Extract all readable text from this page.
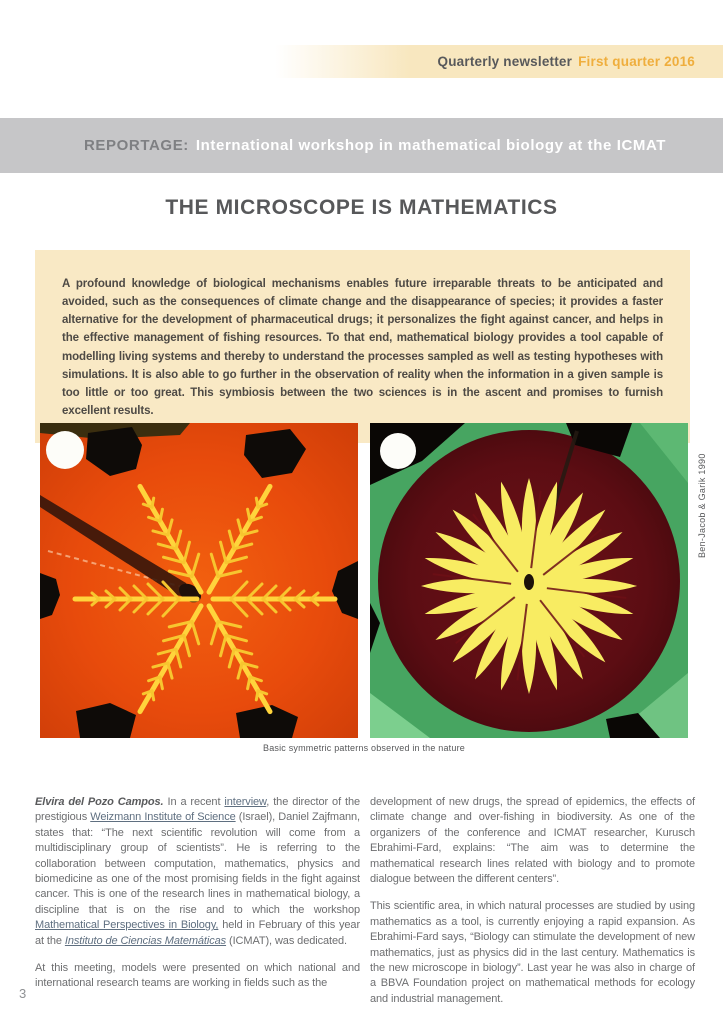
Quarterly newsletter First quarter 2016
REPORTAGE: International workshop in mathematical biology at the ICMAT
THE MICROSCOPE IS MATHEMATICS
A profound knowledge of biological mechanisms enables future irreparable threats to be anticipated and avoided, such as the consequences of climate change and the disappearance of species; it provides a faster alternative for the development of pharmaceutical drugs; it personalizes the fight against cancer, and helps in the effective management of fishing resources. To that end, mathematical biology provides a tool capable of modelling living systems and thereby to understand the processes sampled as well as testing hypotheses with simulations. It is also able to go further in the observation of reality when the information in a given sample is too little or too great. This symbiosis between the two sciences is in the ascent and promises to furnish excellent results.
Ben-Jacob & Garik 1990
Basic symmetric patterns observed in the nature

Elvira del Pozo Campos. In a recent interview, the director of the prestigious Weizmann Institute of Science (Israel), Daniel Zajfmann, states that: “The next scientific revolution will come from a multidisciplinary group of scientists”. He is referring to the collaboration between computation, mathematics, physics and biomedicine as one of the most promising fields in the fight against cancer. This is one of the research lines in mathematical biology, a discipline that is on the rise and to which the workshop Mathematical Perspectives in Biology, held in February of this year at the Instituto de Ciencias Matemáticas (ICMAT), was dedicated.

At this meeting, models were presented on which national and international research teams are working in fields such as the

development of new drugs, the spread of epidemics, the effects of climate change and over-fishing in biodiversity. As one of the organizers of the conference and ICMAT researcher, Kurusch Ebrahimi-Fard, explains: “The aim was to determine the mathematical research lines related with biology and to promote dialogue between the different centers”.

This scientific area, in which natural processes are studied by using mathematics as a tool, is currently enjoying a rapid expansion. As Ebrahimi-Fard says, “Biology can stimulate the development of new mathematics, just as physics did in the last century. Mathematics is the new microscope in biology”. Last year he was also in charge of a BBVA Foundation project on mathematical methods for ecology and industrial management.

3
